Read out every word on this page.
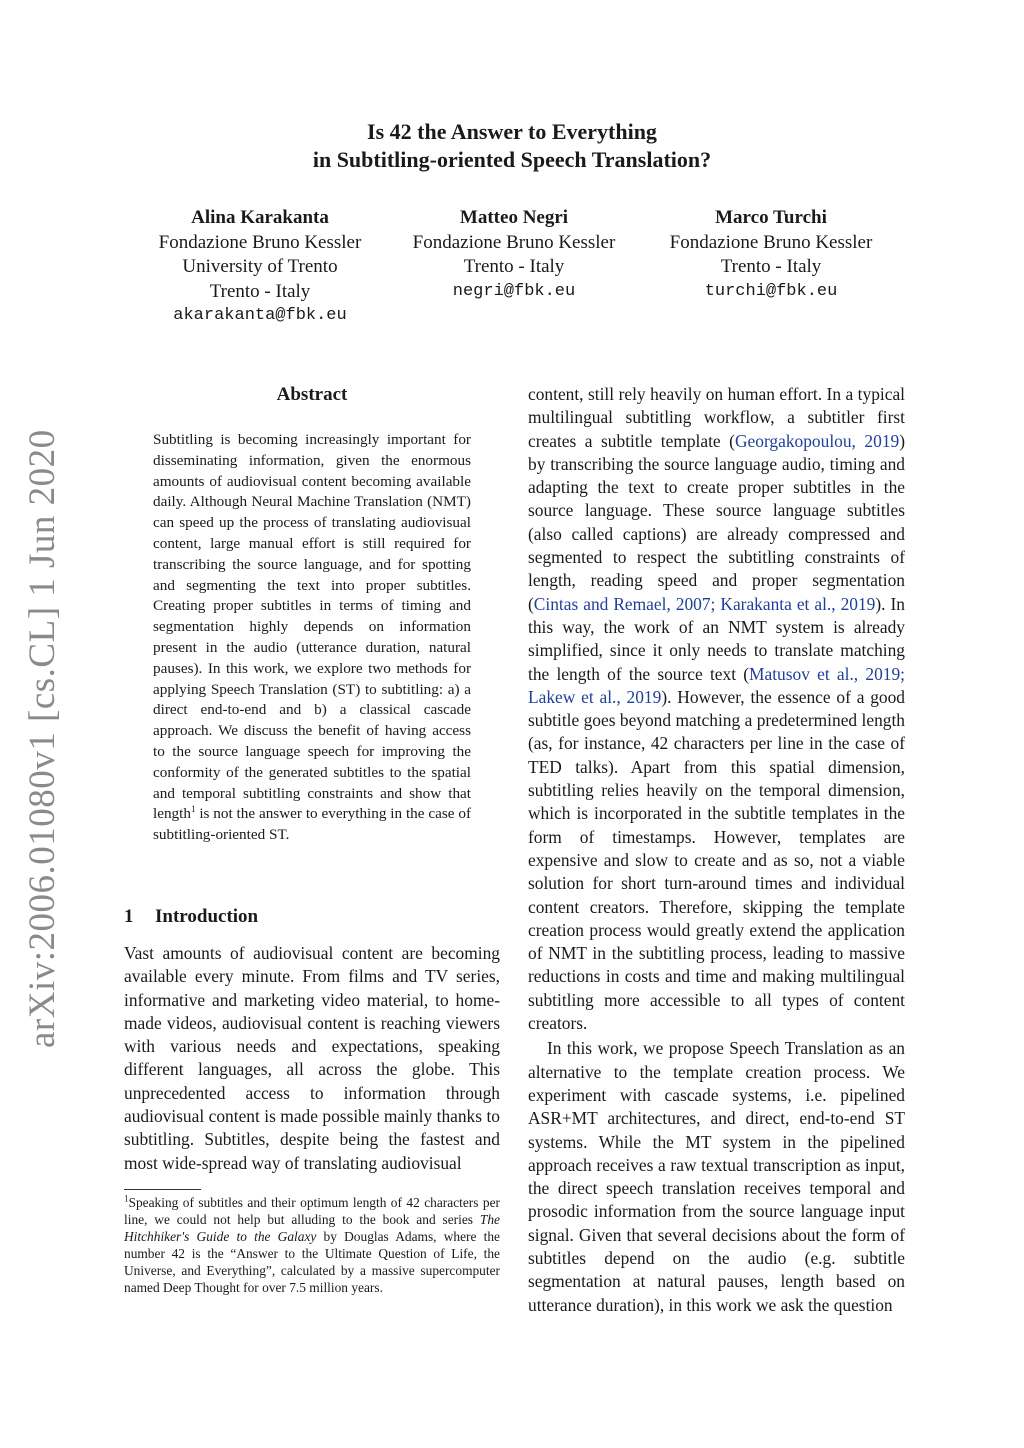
Is 42 the Answer to Everything
in Subtitling-oriented Speech Translation?
Alina Karakanta
Fondazione Bruno Kessler
University of Trento
Trento - Italy
akarakanta@fbk.eu
Matteo Negri
Fondazione Bruno Kessler
Trento - Italy
negri@fbk.eu
Marco Turchi
Fondazione Bruno Kessler
Trento - Italy
turchi@fbk.eu
arXiv:2006.01080v1 [cs.CL] 1 Jun 2020
Abstract
Subtitling is becoming increasingly important for disseminating information, given the enormous amounts of audiovisual content becoming available daily. Although Neural Machine Translation (NMT) can speed up the process of translating audiovisual content, large manual effort is still required for transcribing the source language, and for spotting and segmenting the text into proper subtitles. Creating proper subtitles in terms of timing and segmentation highly depends on information present in the audio (utterance duration, natural pauses). In this work, we explore two methods for applying Speech Translation (ST) to subtitling: a) a direct end-to-end and b) a classical cascade approach. We discuss the benefit of having access to the source language speech for improving the conformity of the generated subtitles to the spatial and temporal subtitling constraints and show that length$^1$ is not the answer to everything in the case of subtitling-oriented ST.
1 Introduction
Vast amounts of audiovisual content are becoming available every minute. From films and TV series, informative and marketing video material, to home-made videos, audiovisual content is reaching viewers with various needs and expectations, speaking different languages, all across the globe. This unprecedented access to information through audiovisual content is made possible mainly thanks to subtitling. Subtitles, despite being the fastest and most wide-spread way of translating audiovisual
$^1$Speaking of subtitles and their optimum length of 42 characters per line, we could not help but alluding to the book and series The Hitchhiker's Guide to the Galaxy by Douglas Adams, where the number 42 is the “Answer to the Ultimate Question of Life, the Universe, and Everything”, calculated by a massive supercomputer named Deep Thought for over 7.5 million years.

content, still rely heavily on human effort. In a typical multilingual subtitling workflow, a subtitler first creates a subtitle template (Georgakopoulou, 2019) by transcribing the source language audio, timing and adapting the text to create proper subtitles in the source language. These source language subtitles (also called captions) are already compressed and segmented to respect the subtitling constraints of length, reading speed and proper segmentation (Cintas and Remael, 2007; Karakanta et al., 2019). In this way, the work of an NMT system is already simplified, since it only needs to translate matching the length of the source text (Matusov et al., 2019; Lakew et al., 2019). However, the essence of a good subtitle goes beyond matching a predetermined length (as, for instance, 42 characters per line in the case of TED talks). Apart from this spatial dimension, subtitling relies heavily on the temporal dimension, which is incorporated in the subtitle templates in the form of timestamps. However, templates are expensive and slow to create and as so, not a viable solution for short turn-around times and individual content creators. Therefore, skipping the template creation process would greatly extend the application of NMT in the subtitling process, leading to massive reductions in costs and time and making multilingual subtitling more accessible to all types of content creators.

In this work, we propose Speech Translation as an alternative to the template creation process. We experiment with cascade systems, i.e. pipelined ASR+MT architectures, and direct, end-to-end ST systems. While the MT system in the pipelined approach receives a raw textual transcription as input, the direct speech translation receives temporal and prosodic information from the source language input signal. Given that several decisions about the form of subtitles depend on the audio (e.g. subtitle segmentation at natural pauses, length based on utterance duration), in this work we ask the question
